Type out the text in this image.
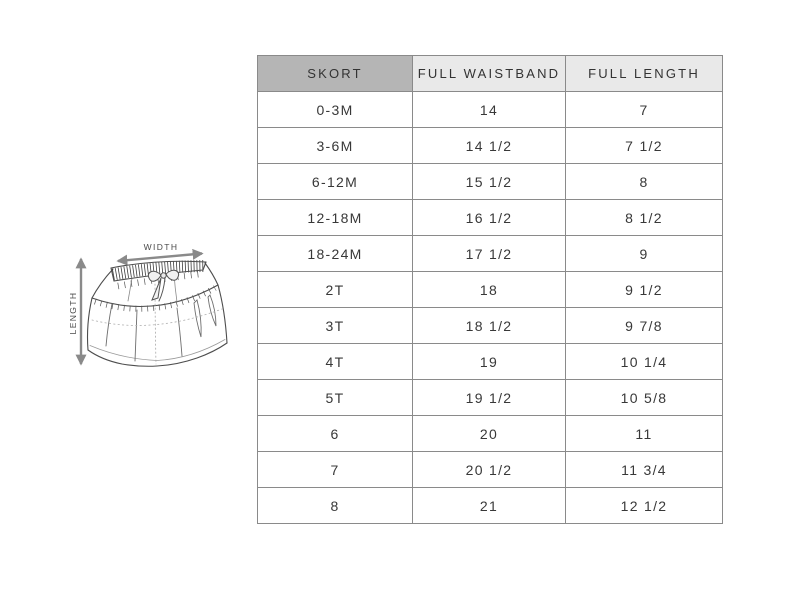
WIDTH
LENGTH
SKORT	FULL WAISTBAND	FULL LENGTH
0-3M	14	7
3-6M	14 1/2	7 1/2
6-12M	15 1/2	8
12-18M	16 1/2	8 1/2
18-24M	17 1/2	9
2T	18	9 1/2
3T	18 1/2	9 7/8
4T	19	10 1/4
5T	19 1/2	10 5/8
6	20	11
7	20 1/2	11 3/4
8	21	12 1/2
